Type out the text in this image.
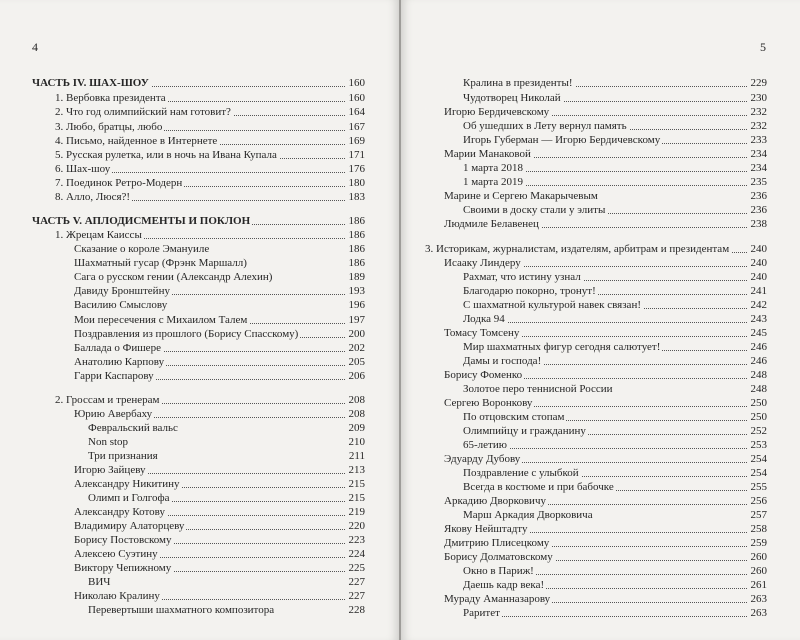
4
ЧАСТЬ IV. ШАХ-ШОУ	160
1. Вербовка президента	160
2. Что год олимпийский нам готовит?	164
3. Любо, братцы, любо	167
4. Письмо, найденное в Интернете	169
5. Русская рулетка, или в ночь на Ивана Купала	171
6. Шах-шоу	176
7. Поединок Ретро-Модерн	180
8. Алло, Люся?!	183
ЧАСТЬ V. АПЛОДИСМЕНТЫ И ПОКЛОН	186
1. Жрецам Каиссы	186
Сказание о короле Эмануиле	186
Шахматный гусар (Фрэнк Маршалл)	186
Сага о русском гении (Александр Алехин)	189
Давиду Бронштейну	193
Василию Смыслову	196
Мои пересечения с Михаилом Талем	197
Поздравления из прошлого (Борису Спасскому)	200
Баллада о Фишере	202
Анатолию Карпову	205
Гарри Каспарову	206
2. Гроссам и тренерам	208
Юрию Авербаху	208
Февральский вальс	209
Non stop	210
Три признания	211
Игорю Зайцеву	213
Александру Никитину	215
Олимп и Голгофа	215
Александру Котову	219
Владимиру Алаторцеву	220
Борису Постовскому	223
Алексею Суэтину	224
Виктору Чепижному	225
ВИЧ	227
Николаю Кралину	227
Перевертыши шахматного композитора	228
5
Кралина в президенты!	229
Чудотворец Николай	230
Игорю Бердичевскому	232
Об ушедших в Лету вернул память	232
Игорь Губерман — Игорю Бердичевскому	233
Марии Манаковой	234
1 марта 2018	234
1 марта 2019	235
Марине и Сергею Макарычевым	236
Своими в доску стали у элиты	236
Людмиле Белавенец	238
3. Историкам, журналистам, издателям, арбитрам и президентам 240
Исааку Линдеру	240
Рахмат, что истину узнал	240
Благодарю покорно, тронут!	241
С шахматной культурой навек связан!	242
Лодка 94	243
Томасу Томсену	245
Мир шахматных фигур сегодня салютует!	246
Дамы и господа!	246
Борису Фоменко	248
Золотое перо теннисной России	248
Сергею Воронкову	250
По отцовским стопам	250
Олимпийцу и гражданину	252
65-летию	253
Эдуарду Дубову	254
Поздравление с улыбкой	254
Всегда в костюме и при бабочке	255
Аркадию Дворковичу	256
Марш Аркадия Дворковича	257
Якову Нейштадту	258
Дмитрию Плисецкому	259
Борису Долматовскому	260
Окно в Париж!	260
Даешь кадр века!	261
Мураду Аманназарову	263
Раритет	263
